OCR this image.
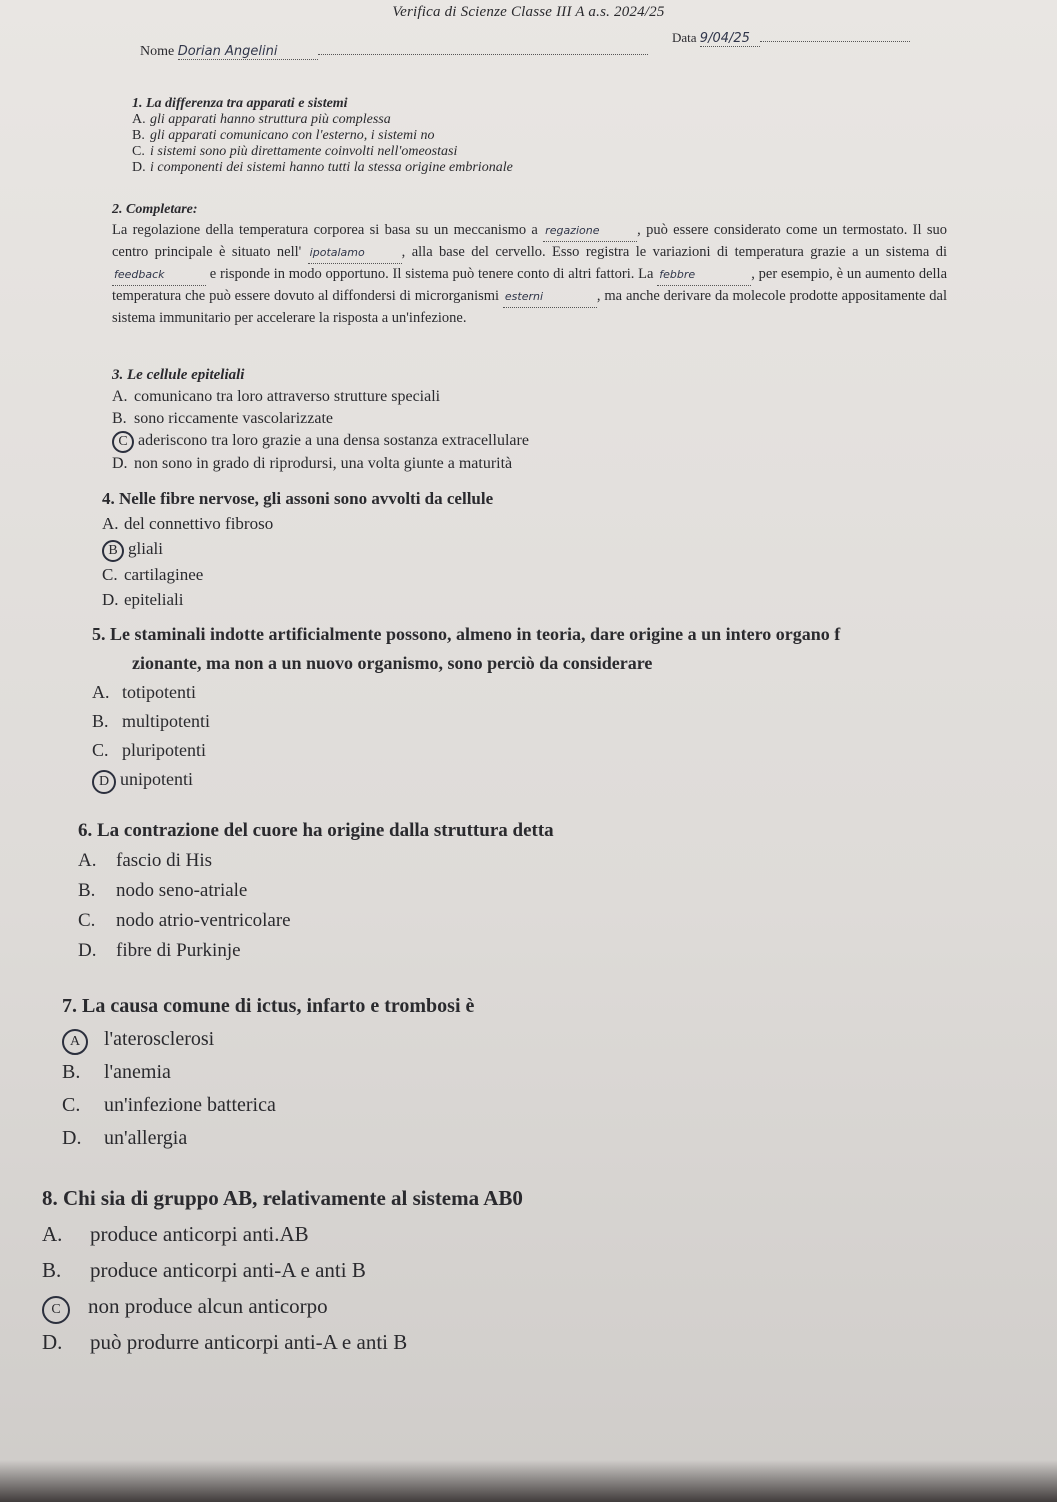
Verifica di Scienze Classe III A a.s. 2024/25
Nome Dorian Angelini
Data 9/04/25
1. La differenza tra apparati e sistemi
A. gli apparati hanno struttura più complessa
B. gli apparati comunicano con l'esterno, i sistemi no
C. i sistemi sono più direttamente coinvolti nell'omeostasi
D. i componenti dei sistemi hanno tutti la stessa origine embrionale
2. Completare:
La regolazione della temperatura corporea si basa su un meccanismo a regazione	, può essere considerato come un termostato. Il suo centro principale è situato nell' ipotalamo	, alla base del cervello. Esso registra le variazioni di temperatura grazie a un sistema di feedback	e risponde in modo opportuno. Il sistema può tenere conto di altri fattori. La febbre	, per esempio, è un aumento della temperatura che può essere dovuto al diffondersi di microrganismi esterni	, ma anche derivare da molecole prodotte appositamente dal sistema immunitario per accelerare la risposta a un'infezione.
3. Le cellule epiteliali
A. comunicano tra loro attraverso strutture speciali
B. sono riccamente vascolarizzate
C aderiscono tra loro grazie a una densa sostanza extracellulare
D. non sono in grado di riprodursi, una volta giunte a maturità
4. Nelle fibre nervose, gli assoni sono avvolti da cellule
A. del connettivo fibroso
B gliali
C. cartilaginee
D. epiteliali
5. Le staminali indotte artificialmente possono, almeno in teoria, dare origine a un intero organo f
zionante, ma non a un nuovo organismo, sono perciò da considerare
A. totipotenti
B. multipotenti
C. pluripotenti
D unipotenti
6. La contrazione del cuore ha origine dalla struttura detta
A. fascio di His
B. nodo seno-atriale
C. nodo atrio-ventricolare
D. fibre di Purkinje
7. La causa comune di ictus, infarto e trombosi è
A l'aterosclerosi
B. l'anemia
C. un'infezione batterica
D. un'allergia
8. Chi sia di gruppo AB, relativamente al sistema AB0
A. produce anticorpi anti.AB
B. produce anticorpi anti-A e anti B
C non produce alcun anticorpo
D. può produrre anticorpi anti-A e anti B
